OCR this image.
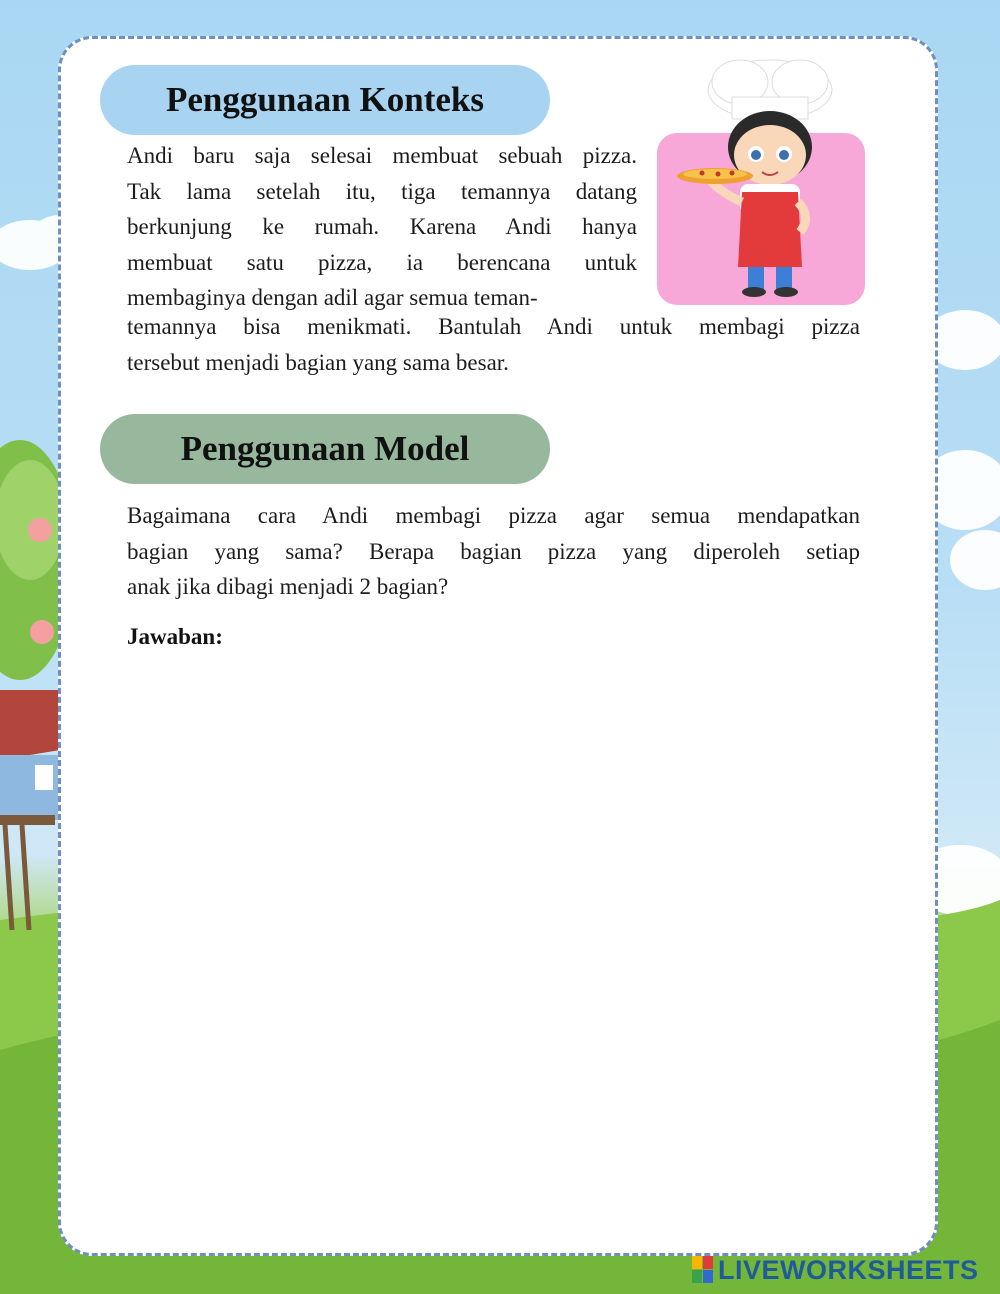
Penggunaan Konteks
Andi baru saja selesai membuat sebuah pizza.
Tak lama setelah itu, tiga temannya datang
berkunjung ke rumah. Karena Andi hanya
membuat satu pizza, ia berencana untuk
membaginya dengan adil agar semua teman-
temannya bisa menikmati. Bantulah Andi untuk membagi pizza
tersebut menjadi bagian yang sama besar.
Penggunaan Model
Bagaimana cara Andi membagi pizza agar semua mendapatkan
bagian yang sama? Berapa bagian pizza yang diperoleh setiap
anak jika dibagi menjadi 2 bagian?
Jawaban:
LIVEWORKSHEETS
